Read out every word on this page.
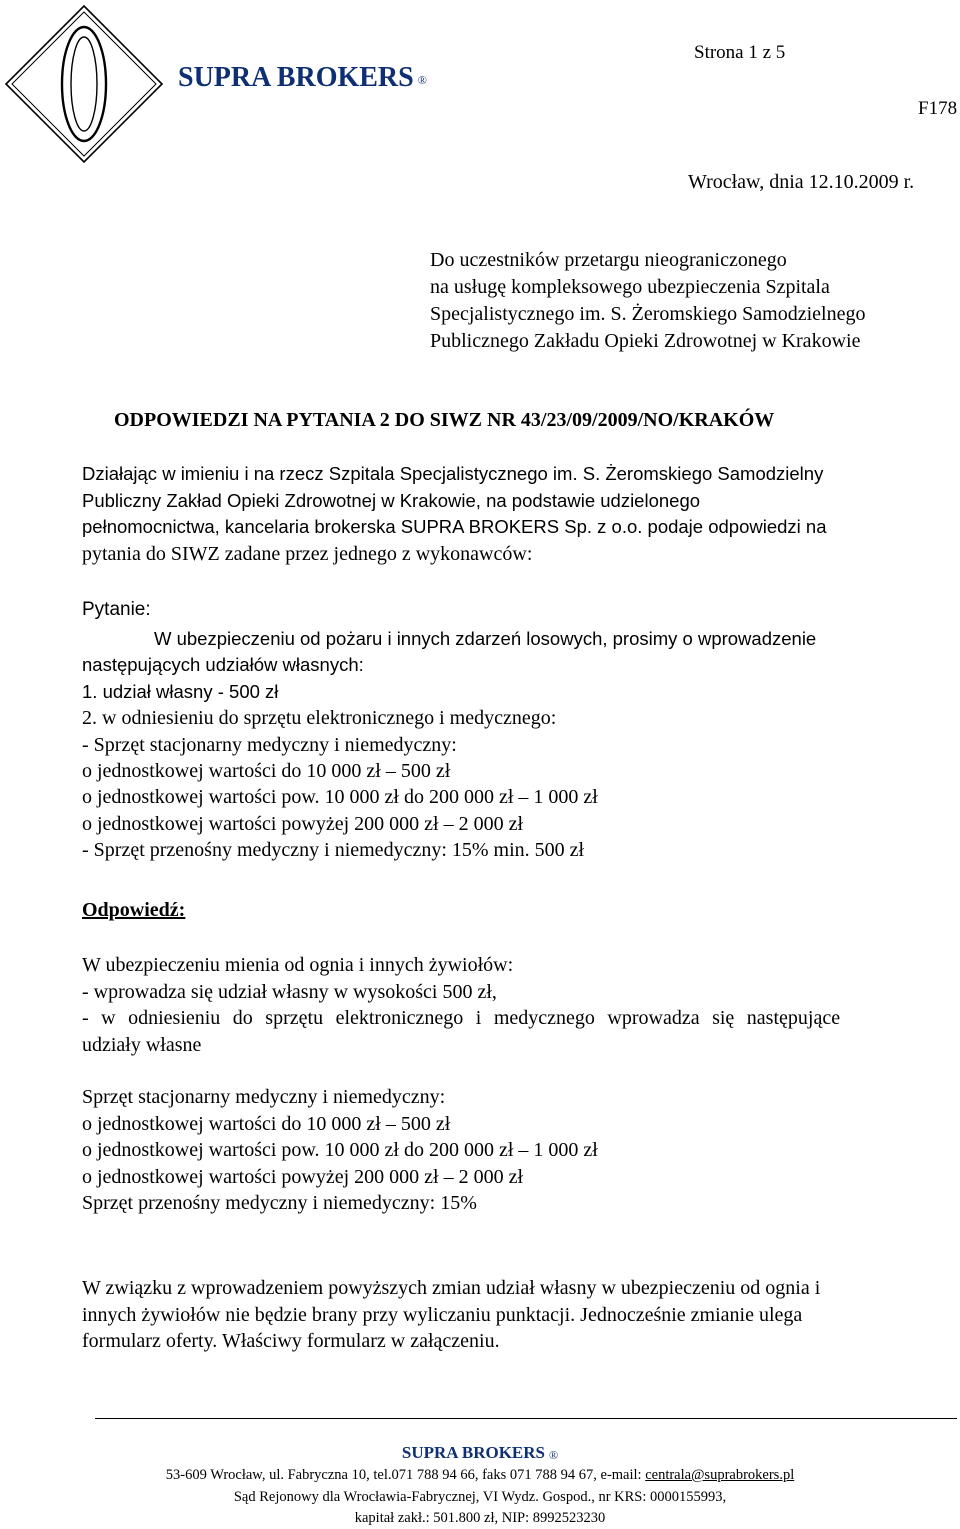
SUPRA BROKERS ®
Strona 1 z 5
F178
Wrocław, dnia 12.10.2009 r.
Do uczestników przetargu nieograniczonego
na usługę kompleksowego ubezpieczenia Szpitala
Specjalistycznego im. S. Żeromskiego Samodzielnego
Publicznego Zakładu Opieki Zdrowotnej w Krakowie
ODPOWIEDZI NA PYTANIA 2 DO SIWZ NR 43/23/09/2009/NO/KRAKÓW
Działając w imieniu i na rzecz Szpitala Specjalistycznego im. S. Żeromskiego Samodzielny
Publiczny Zakład Opieki Zdrowotnej w Krakowie, na podstawie udzielonego
pełnomocnictwa, kancelaria brokerska SUPRA BROKERS Sp. z o.o. podaje odpowiedzi na
pytania do SIWZ zadane przez jednego z wykonawców:
Pytanie:
W ubezpieczeniu od pożaru i innych zdarzeń losowych, prosimy o wprowadzenie
następujących udziałów własnych:
1. udział własny - 500 zł
2. w odniesieniu do sprzętu elektronicznego i medycznego:
- Sprzęt stacjonarny medyczny i niemedyczny:
o jednostkowej wartości do 10 000 zł – 500 zł
o jednostkowej wartości pow. 10 000 zł do 200 000 zł – 1 000 zł
o jednostkowej wartości powyżej 200 000 zł – 2 000 zł
- Sprzęt przenośny medyczny i niemedyczny: 15% min. 500 zł
Odpowiedź:
W ubezpieczeniu mienia od ognia i innych żywiołów:
- wprowadza się udział własny w wysokości 500 zł,
- w odniesieniu do sprzętu elektronicznego i medycznego wprowadza się następujące
udziały własne
Sprzęt stacjonarny medyczny i niemedyczny:
o jednostkowej wartości do 10 000 zł – 500 zł
o jednostkowej wartości pow. 10 000 zł do 200 000 zł – 1 000 zł
o jednostkowej wartości powyżej 200 000 zł – 2 000 zł
Sprzęt przenośny medyczny i niemedyczny: 15%
W związku z wprowadzeniem powyższych zmian udział własny w ubezpieczeniu od ognia i
innych żywiołów nie będzie brany przy wyliczaniu punktacji. Jednocześnie zmianie ulega
formularz oferty. Właściwy formularz w załączeniu.
SUPRA BROKERS ®
53-609 Wrocław, ul. Fabryczna 10, tel.071 788 94 66, faks 071 788 94 67, e-mail: centrala@suprabrokers.pl
Sąd Rejonowy dla Wrocławia-Fabrycznej, VI Wydz. Gospod., nr KRS: 0000155993,
kapitał zakł.: 501.800 zł, NIP: 8992523230
